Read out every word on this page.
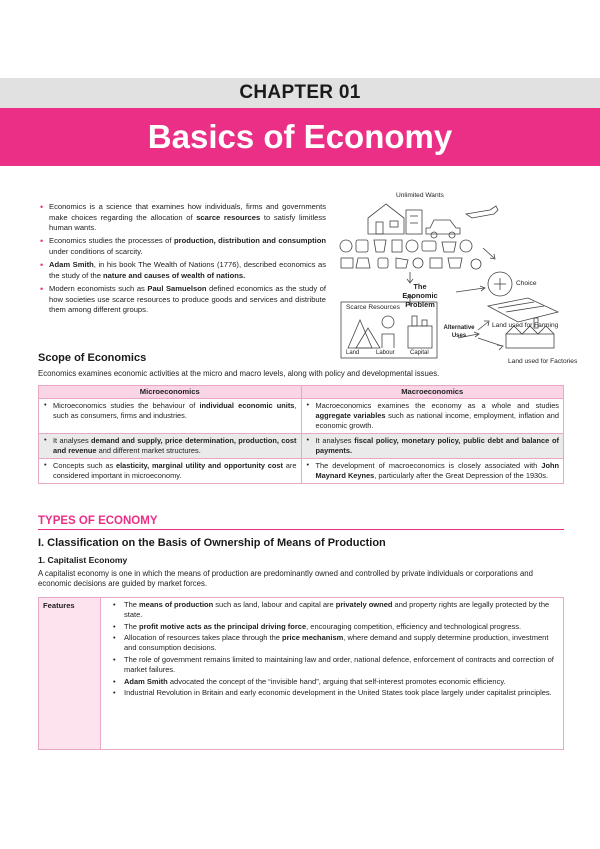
CHAPTER 01
Basics of Economy
• Economics is a science that examines how individuals, firms and governments make choices regarding the allocation of scarce resources to satisfy limitless human wants.
• Economics studies the processes of production, distribution and consumption under conditions of scarcity.
• Adam Smith, in his book The Wealth of Nations (1776), described economics as the study of the nature and causes of wealth of nations.
• Modern economists such as Paul Samuelson defined economics as the study of how societies use scarce resources to produce goods and services and distribute them among different groups.
Unlimited Wants
The Economic Problem
Choice
Scarce Resources
Land	Labour	Capital
Alternative Uses
Land used for Farming
Land used for Factories
Scope of Economics
Economics examines economic activities at the micro and macro levels, along with policy and developmental issues.
Microeconomics	Macroeconomics
• Microeconomics studies the behaviour of individual economic units, such as consumers, firms and industries.	• Macroeconomics examines the economy as a whole and studies aggregate variables such as national income, employment, inflation and economic growth.
• It analyses demand and supply, price determination, production, cost and revenue and different market structures.	• It analyses fiscal policy, monetary policy, public debt and balance of payments.
• Concepts such as elasticity, marginal utility and opportunity cost are considered important in microeconomy.	• The development of macroeconomics is closely associated with John Maynard Keynes, particularly after the Great Depression of the 1930s.
TYPES OF ECONOMY
I. Classification on the Basis of Ownership of Means of Production
1. Capitalist Economy
A capitalist economy is one in which the means of production are predominantly owned and controlled by private individuals or corporations and economic decisions are guided by market forces.
Features	• The means of production such as land, labour and capital are privately owned and property rights are legally protected by the state.
• The profit motive acts as the principal driving force, encouraging competition, efficiency and technological progress.
• Allocation of resources takes place through the price mechanism, where demand and supply determine production, investment and consumption decisions.
• The role of government remains limited to maintaining law and order, national defence, enforcement of contracts and correction of market failures.
• Adam Smith advocated the concept of the “invisible hand”, arguing that self-interest promotes economic efficiency.
• Industrial Revolution in Britain and early economic development in the United States took place largely under capitalist principles.
